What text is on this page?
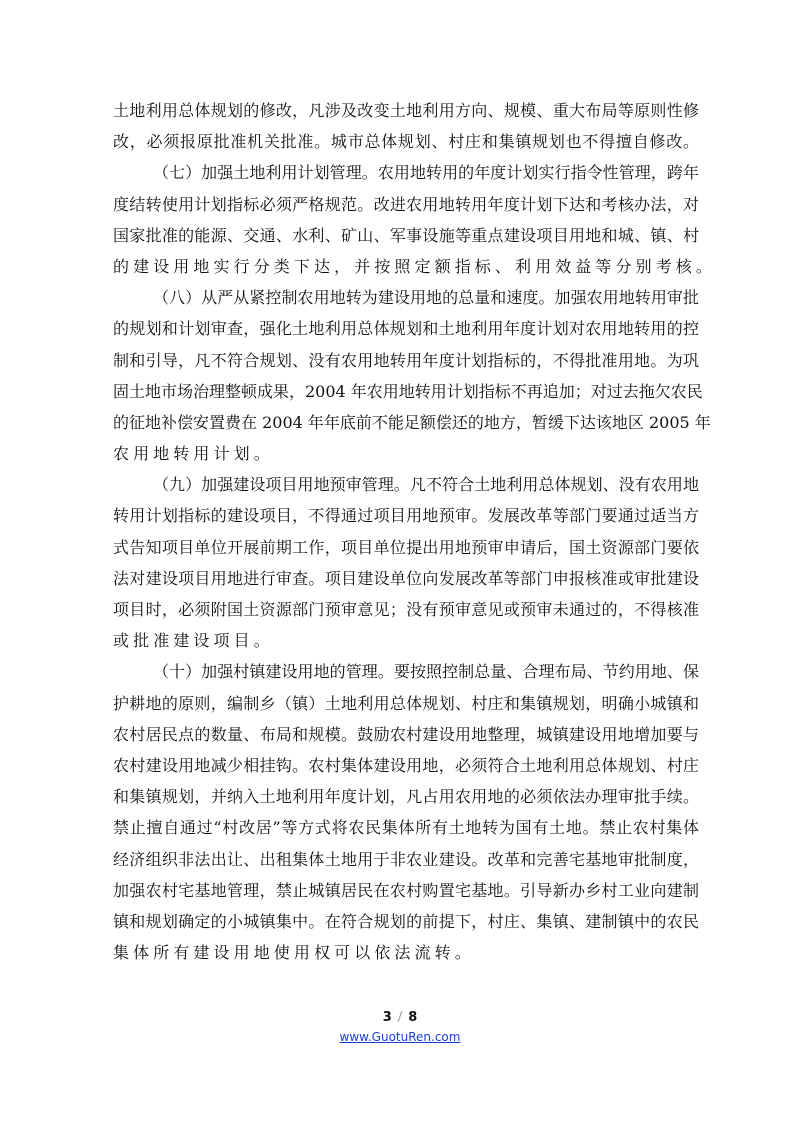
土地利用总体规划的修改，凡涉及改变土地利用方向、规模、重大布局等原则性修
改，必须报原批准机关批准。城市总体规划、村庄和集镇规划也不得擅自修改。
（七）加强土地利用计划管理。农用地转用的年度计划实行指令性管理，跨年
度结转使用计划指标必须严格规范。改进农用地转用年度计划下达和考核办法，对
国家批准的能源、交通、水利、矿山、军事设施等重点建设项目用地和城、镇、村
的建设用地实行分类下达，并按照定额指标、利用效益等分别考核。
（八）从严从紧控制农用地转为建设用地的总量和速度。加强农用地转用审批
的规划和计划审查，强化土地利用总体规划和土地利用年度计划对农用地转用的控
制和引导，凡不符合规划、没有农用地转用年度计划指标的，不得批准用地。为巩
固土地市场治理整顿成果，2004 年农用地转用计划指标不再追加；对过去拖欠农民
的征地补偿安置费在 2004 年年底前不能足额偿还的地方，暂缓下达该地区 2005 年
农用地转用计划。
（九）加强建设项目用地预审管理。凡不符合土地利用总体规划、没有农用地
转用计划指标的建设项目，不得通过项目用地预审。发展改革等部门要通过适当方
式告知项目单位开展前期工作，项目单位提出用地预审申请后，国土资源部门要依
法对建设项目用地进行审查。项目建设单位向发展改革等部门申报核准或审批建设
项目时，必须附国土资源部门预审意见；没有预审意见或预审未通过的，不得核准
或批准建设项目。
（十）加强村镇建设用地的管理。要按照控制总量、合理布局、节约用地、保
护耕地的原则，编制乡（镇）土地利用总体规划、村庄和集镇规划，明确小城镇和
农村居民点的数量、布局和规模。鼓励农村建设用地整理，城镇建设用地增加要与
农村建设用地减少相挂钩。农村集体建设用地，必须符合土地利用总体规划、村庄
和集镇规划，并纳入土地利用年度计划，凡占用农用地的必须依法办理审批手续。
禁止擅自通过“村改居”等方式将农民集体所有土地转为国有土地。禁止农村集体
经济组织非法出让、出租集体土地用于非农业建设。改革和完善宅基地审批制度，
加强农村宅基地管理，禁止城镇居民在农村购置宅基地。引导新办乡村工业向建制
镇和规划确定的小城镇集中。在符合规划的前提下，村庄、集镇、建制镇中的农民
集体所有建设用地使用权可以依法流转。
3 / 8
www.GuotuRen.com
